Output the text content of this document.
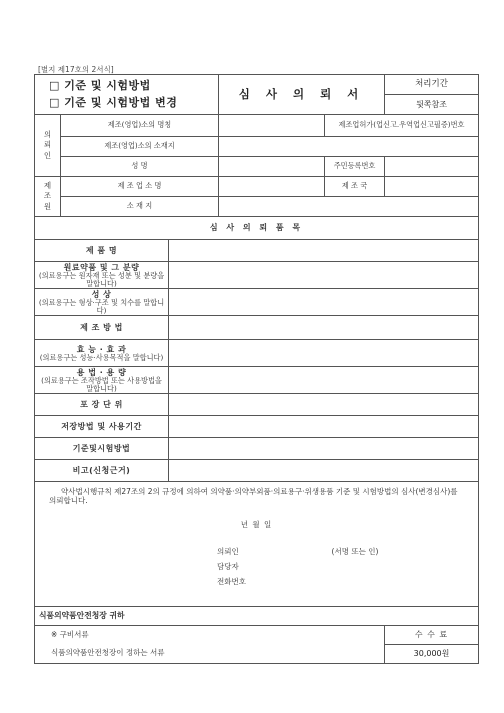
[별지 제17호의 2서식]
□ 기준 및 시험방법
□ 기준 및 시험방법 변경			심 사 의 뢰 서		처리기간
					뒷쪽참조

의뢰인	제조(영업)소의 명칭			제조업허가(업신고.우역업신고필증)번호	
	제조(영업)소의 소재지				
	성 명			주민등록번호	

제조원	제 조 업 소 명			제 조 국	
	소 재 지				
심 사 의 뢰 품 목					

제 품 명					

원료약품 및 그 분량
(의료용구는 원자재 또는 성분 및 분량을 말합니다)					

성 상
(의료용구는 형상·구조 및 치수를 말합니다)					

제 조 방 법					

효 능 · 효 과
(의료용구는 성능·사용목적을 말합니다)					

용 법 · 용 량
(의료용구는 조작방법 또는 사용방법을 말합니다)					

포 장 단 위					

저장방법 및 사용기간					

기준및시험방법					

비고(신청근거)					

약사법시행규칙 제27조의 2의 규정에 의하여 의약품·의약부외품·의료용구·위생용품 기준 및 시험방법의 심사(변경심사)를 의뢰합니다.
년 월 일
의뢰인 (서명 또는 인)
담당자
전화번호					

식품의약품안전청장 귀하					
※ 구비서류					수 수 료
식품의약품안전청장이 정하는 서류					30,000원
